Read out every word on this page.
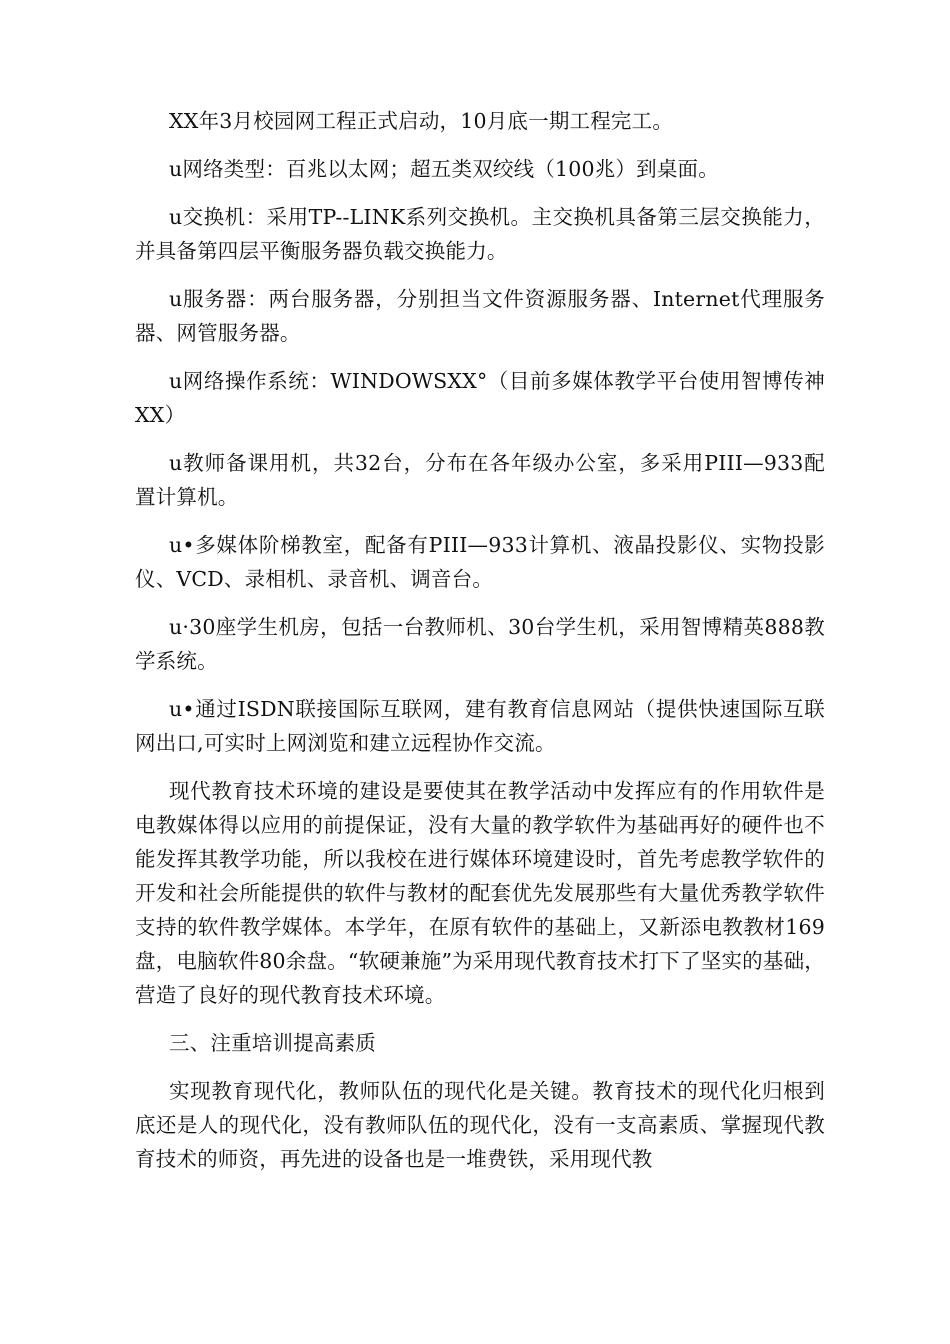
XX年3月校园网工程正式启动，10月底一期工程完工。

u网络类型：百兆以太网；超五类双绞线（100兆）到桌面。

u交换机：采用TP--LINK系列交换机。主交换机具备第三层交换能力，并具备第四层平衡服务器负载交换能力。

u服务器：两台服务器，分别担当文件资源服务器、Internet代理服务器、网管服务器。

u网络操作系统：WINDOWSXX°（目前多媒体教学平台使用智博传神XX）

u教师备课用机，共32台，分布在各年级办公室，多采用PIII—933配置计算机。

u•多媒体阶梯教室，配备有PIII—933计算机、液晶投影仪、实物投影仪、VCD、录相机、录音机、调音台。

u·30座学生机房，包括一台教师机、30台学生机，采用智博精英888教学系统。

u•通过ISDN联接国际互联网，建有教育信息网站（提供快速国际互联网出口,可实时上网浏览和建立远程协作交流。

现代教育技术环境的建设是要使其在教学活动中发挥应有的作用软件是电教媒体得以应用的前提保证，没有大量的教学软件为基础再好的硬件也不能发挥其教学功能，所以我校在进行媒体环境建设时，首先考虑教学软件的开发和社会所能提供的软件与教材的配套优先发展那些有大量优秀教学软件支持的软件教学媒体。本学年，在原有软件的基础上，又新添电教教材169盘，电脑软件80余盘。“软硬兼施”为采用现代教育技术打下了坚实的基础，营造了良好的现代教育技术环境。

三、注重培训提高素质

实现教育现代化，教师队伍的现代化是关键。教育技术的现代化归根到底还是人的现代化，没有教师队伍的现代化，没有一支高素质、掌握现代教育技术的师资，再先进的设备也是一堆费铁，采用现代教
